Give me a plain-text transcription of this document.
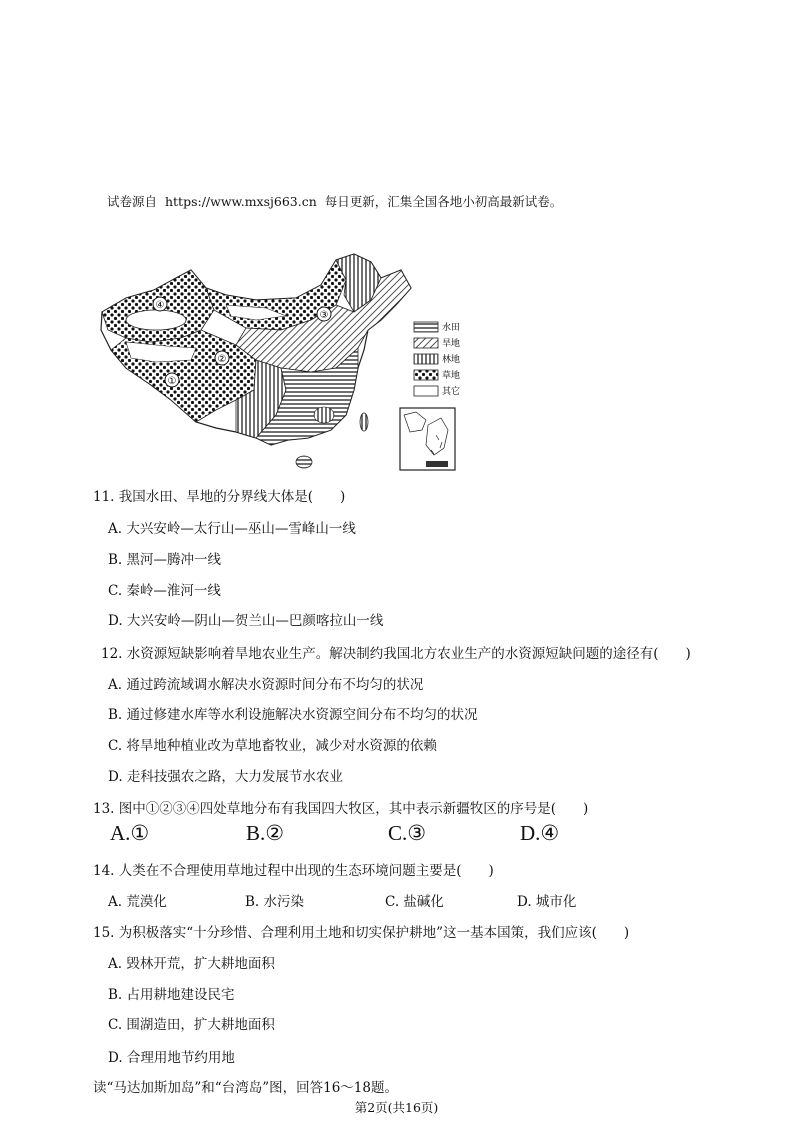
试卷源自 https://www.mxsj663.cn 每日更新，汇集全国各地小初高最新试卷。
①
②
③
④
水田
旱地
林地
草地
其它
11. 我国水田、旱地的分界线大体是(　　)
A. 大兴安岭—太行山—巫山—雪峰山一线
B. 黑河—腾冲一线
C. 秦岭—淮河一线
D. 大兴安岭—阴山—贺兰山—巴颜喀拉山一线
12. 水资源短缺影响着旱地农业生产。解决制约我国北方农业生产的水资源短缺问题的途径有(　　)
A. 通过跨流域调水解决水资源时间分布不均匀的状况
B. 通过修建水库等水利设施解决水资源空间分布不均匀的状况
C. 将旱地种植业改为草地畜牧业，减少对水资源的依赖
D. 走科技强农之路，大力发展节水农业
13. 图中①②③④四处草地分布有我国四大牧区，其中表示新疆牧区的序号是(　　)
A.①	B.②	C.③	D.④
14. 人类在不合理使用草地过程中出现的生态环境问题主要是(　　)
A. 荒漠化	B. 水污染	C. 盐碱化	D. 城市化
15. 为积极落实“十分珍惜、合理利用土地和切实保护耕地”这一基本国策，我们应该(　　)
A. 毁林开荒，扩大耕地面积
B. 占用耕地建设民宅
C. 围湖造田，扩大耕地面积
D. 合理用地节约用地
读“马达加斯加岛”和“台湾岛”图，回答16～18题。
第2页(共16页)
